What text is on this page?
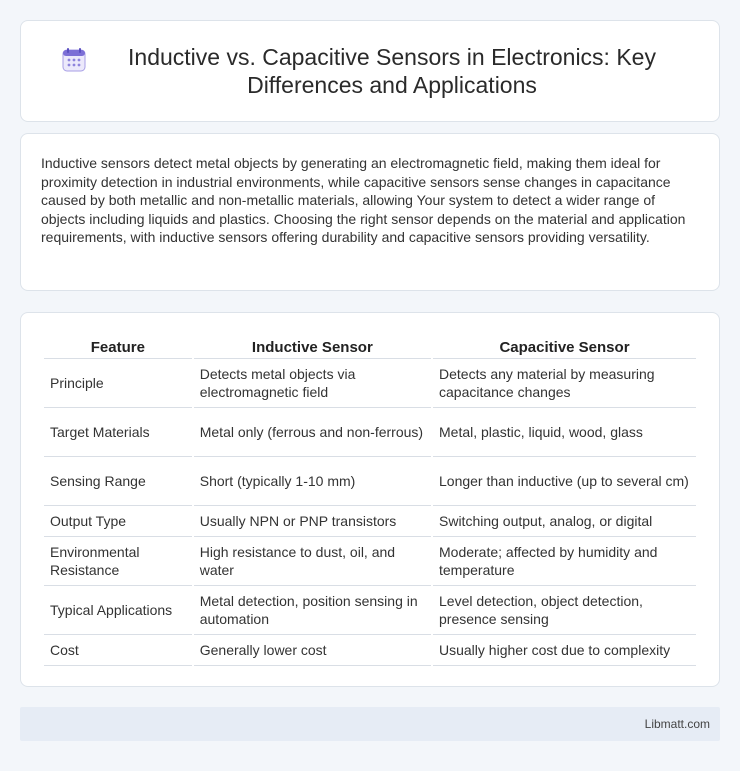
Inductive vs. Capacitive Sensors in Electronics: Key Differences and Applications

Inductive sensors detect metal objects by generating an electromagnetic field, making them ideal for proximity detection in industrial environments, while capacitive sensors sense changes in capacitance caused by both metallic and non-metallic materials, allowing Your system to detect a wider range of objects including liquids and plastics. Choosing the right sensor depends on the material and application requirements, with inductive sensors offering durability and capacitive sensors providing versatility.

Feature	Inductive Sensor	Capacitive Sensor
Principle	Detects metal objects via electromagnetic field	Detects any material by measuring capacitance changes
Target Materials	Metal only (ferrous and non-ferrous)	Metal, plastic, liquid, wood, glass
Sensing Range	Short (typically 1-10 mm)	Longer than inductive (up to several cm)
Output Type	Usually NPN or PNP transistors	Switching output, analog, or digital
Environmental Resistance	High resistance to dust, oil, and water	Moderate; affected by humidity and temperature
Typical Applications	Metal detection, position sensing in automation	Level detection, object detection, presence sensing
Cost	Generally lower cost	Usually higher cost due to complexity
Libmatt.com
